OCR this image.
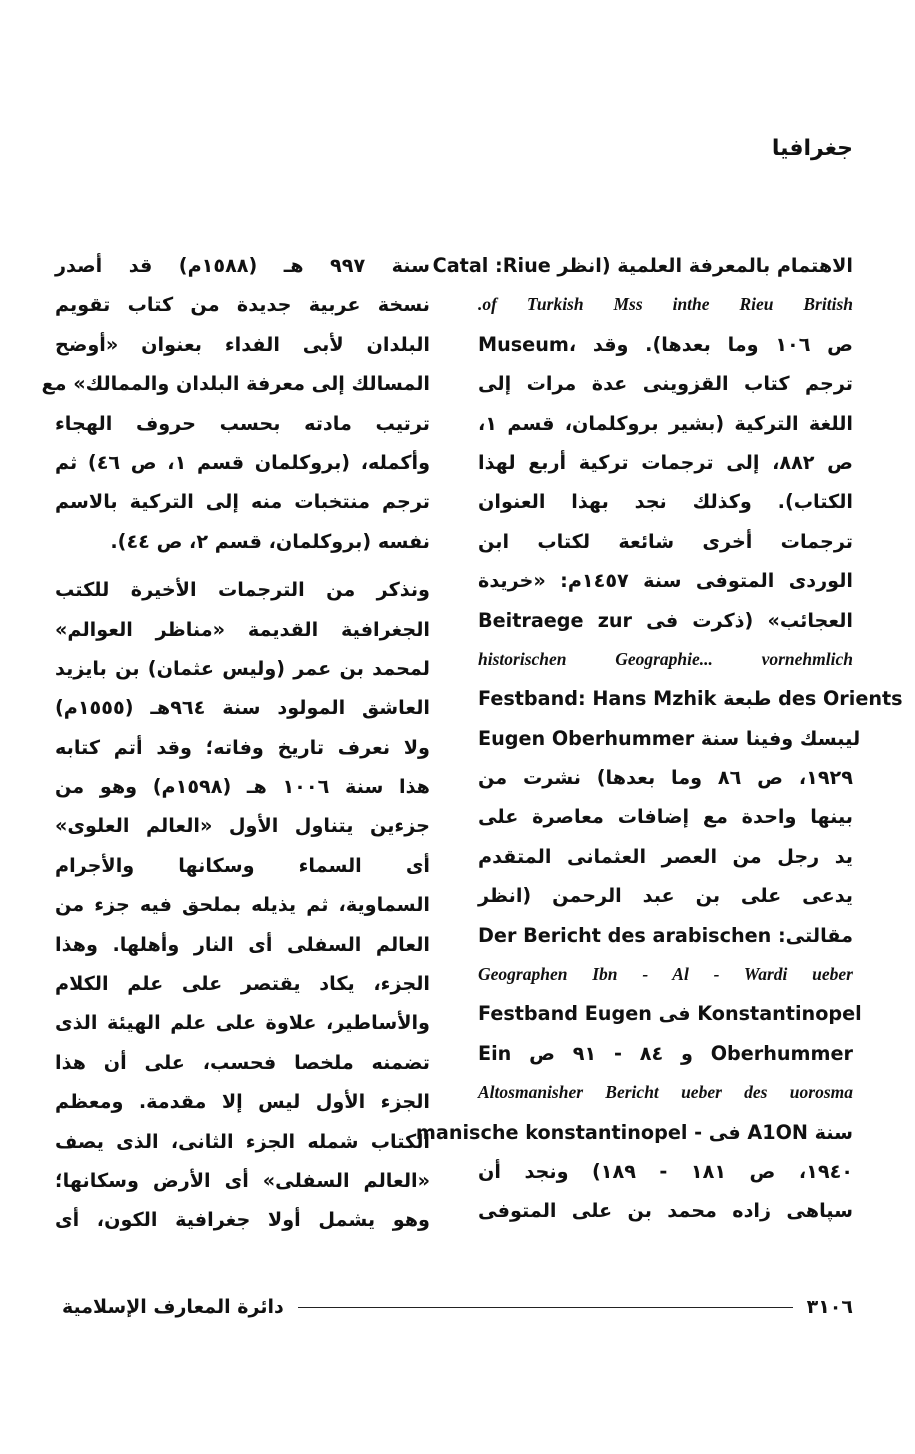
جغرافيا
الاهتمام بالمعرفة العلمية (انظر Catal :Riue
.of Turkish Mss inthe Rieu British
Museum، ص ١٠٦ وما بعدها). وقد
ترجم كتاب القزوينى عدة مرات إلى
اللغة التركية (بشير بروكلمان، قسم ١،
ص ٨٨٢، إلى ترجمات تركية أربع لهذا
الكتاب). وكذلك نجد بهذا العنوان
ترجمات أخرى شائعة لكتاب ابن
الوردى المتوفى سنة ١٤٥٧م: «خريدة
العجائب» (ذكرت فى Beitraege zur
historischen Geographie... vornehmlich
Festband: Hans Mzhik طبعة des Orients
Eugen Oberhummer ليبسك وفينا سنة
١٩٢٩، ص ٨٦ وما بعدها) نشرت من
بينها واحدة مع إضافات معاصرة على
يد رجل من العصر العثمانى المتقدم
يدعى على بن عبد الرحمن (انظر
مقالتى: Der Bericht des arabischen
Geographen Ibn - Al - Wardi ueber
Festband Eugen فى Konstantinopel
Ein و ٨٤ - ٩١ ص Oberhummer
Altosmanisher Bericht ueber des uorosma
سنة A1ON فى - manische konstantinopel
١٩٤٠، ص ١٨١ - ١٨٩) ونجد أن
سپاهى زاده محمد بن على المتوفى
سنة ٩٩٧ هـ (١٥٨٨م) قد أصدر
نسخة عربية جديدة من كتاب تقويم
البلدان لأبى الفداء بعنوان «أوضح
المسالك إلى معرفة البلدان والممالك» مع
ترتيب مادته بحسب حروف الهجاء
وأكمله، (بروكلمان قسم ١، ص ٤٦) ثم
ترجم منتخبات منه إلى التركية بالاسم
نفسه (بروكلمان، قسم ٢، ص ٤٤).
ونذكر من الترجمات الأخيرة للكتب
الجغرافية القديمة «مناظر العوالم»
لمحمد بن عمر (وليس عثمان) بن بايزيد
العاشق المولود سنة ٩٦٤هـ (١٥٥٥م)
ولا نعرف تاريخ وفاته؛ وقد أتم كتابه
هذا سنة ١٠٠٦ هـ (١٥٩٨م) وهو من
جزءين يتناول الأول «العالم العلوى»
أى السماء وسكانها والأجرام
السماوية، ثم يذيله بملحق فيه جزء من
العالم السفلى أى النار وأهلها. وهذا
الجزء، يكاد يقتصر على علم الكلام
والأساطير، علاوة على علم الهيئة الذى
تضمنه ملخصا فحسب، على أن هذا
الجزء الأول ليس إلا مقدمة. ومعظم
الكتاب شمله الجزء الثانى، الذى يصف
«العالم السفلى» أى الأرض وسكانها؛
وهو يشمل أولا جغرافية الكون، أى
٣١٠٦
دائرة المعارف الإسلامية
